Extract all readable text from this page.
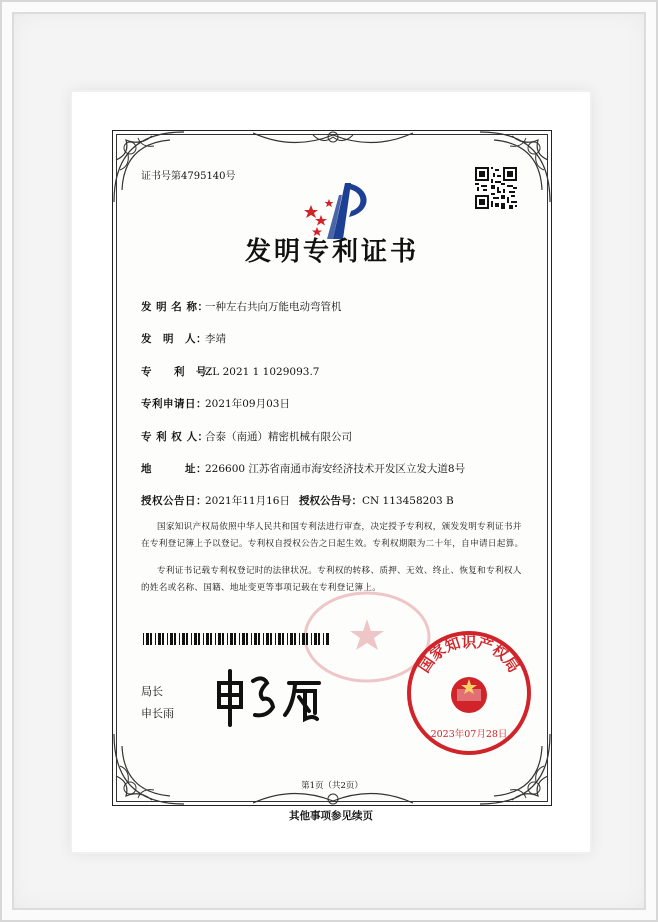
证书号第4795140号
发明专利证书
发 明 名 称：一种左右共向万能电动弯管机
发　明　人：李靖
专　　利　号：ZL 2021 1 1029093.7
专利申请日：2021年09月03日
专 利 权 人：合泰（南通）精密机械有限公司
地　　　址：226600 江苏省南通市海安经济技术开发区立发大道8号
授权公告日：2021年11月16日 授权公告号：CN 113458203 B
国家知识产权局依照中华人民共和国专利法进行审查，决定授予专利权，颁发发明专利证书并在专利登记簿上予以登记。专利权自授权公告之日起生效。专利权期限为二十年，自申请日起算。
专利证书记载专利权登记时的法律状况。专利权的转移、质押、无效、终止、恢复和专利权人的姓名或名称、国籍、地址变更等事项记载在专利登记簿上。
局长
申长雨
国家知识产权局
2023年07月28日
第1页（共2页）
其他事项参见续页
